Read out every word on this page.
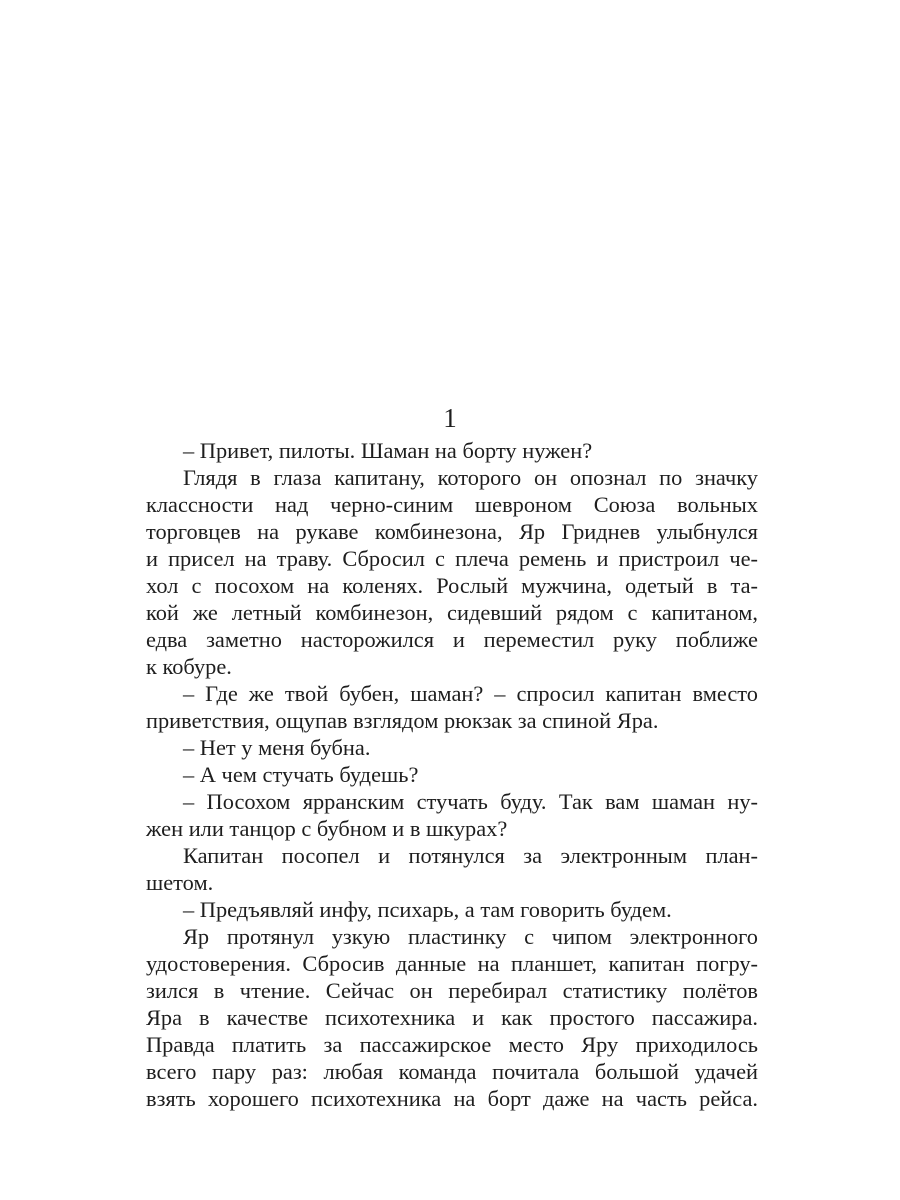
1
– Привет, пилоты. Шаман на борту нужен?
Глядя в глаза капитану, которого он опознал по значку
классности над черно-синим шевроном Союза вольных
торговцев на рукаве комбинезона, Яр Гриднев улыбнулся
и присел на траву. Сбросил с плеча ремень и пристроил че-
хол с посохом на коленях. Рослый мужчина, одетый в та-
кой же летный комбинезон, сидевший рядом с капитаном,
едва заметно насторожился и переместил руку поближе
к кобуре.
– Где же твой бубен, шаман? – спросил капитан вместо
приветствия, ощупав взглядом рюкзак за спиной Яра.
– Нет у меня бубна.
– А чем стучать будешь?
– Посохом ярранским стучать буду. Так вам шаман ну-
жен или танцор с бубном и в шкурах?
Капитан посопел и потянулся за электронным план-
шетом.
– Предъявляй инфу, психарь, а там говорить будем.
Яр протянул узкую пластинку с чипом электронного
удостоверения. Сбросив данные на планшет, капитан погру-
зился в чтение. Сейчас он перебирал статистику полётов
Яра в качестве психотехника и как простого пассажира.
Правда платить за пассажирское место Яру приходилось
всего пару раз: любая команда почитала большой удачей
взять хорошего психотехника на борт даже на часть рейса.
